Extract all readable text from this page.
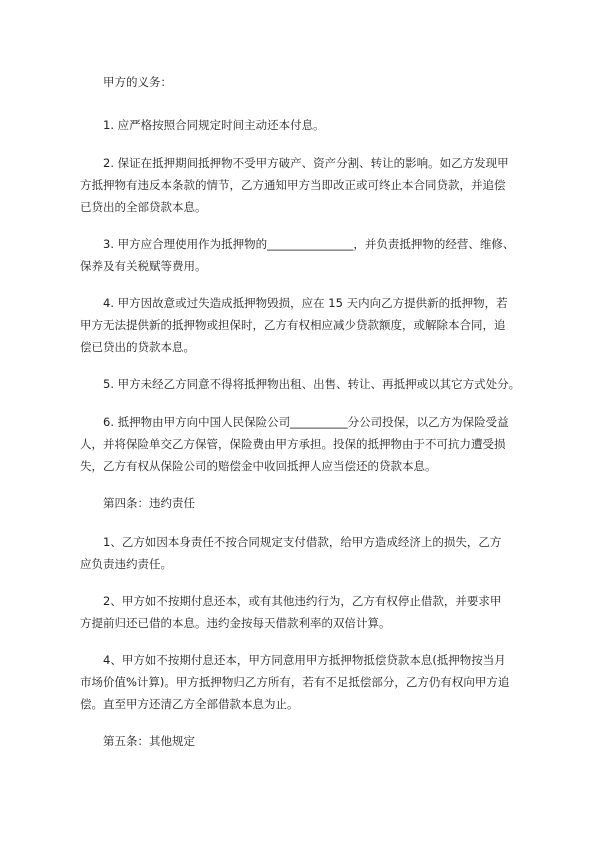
甲方的义务：

1. 应严格按照合同规定时间主动还本付息。

2. 保证在抵押期间抵押物不受甲方破产、资产分割、转让的影响。如乙方发现甲
方抵押物有违反本条款的情节，乙方通知甲方当即改正或可终止本合同贷款，并追偿
已贷出的全部贷款本息。

3. 甲方应合理使用作为抵押物的_______________，并负责抵押物的经营、维修、
保养及有关税赋等费用。

4. 甲方因故意或过失造成抵押物毁损，应在 15 天内向乙方提供新的抵押物，若
甲方无法提供新的抵押物或担保时，乙方有权相应减少贷款额度，或解除本合同，追
偿已贷出的贷款本息。

5. 甲方未经乙方同意不得将抵押物出租、出售、转让、再抵押或以其它方式处分。

6. 抵押物由甲方向中国人民保险公司__________分公司投保，以乙方为保险受益
人，并将保险单交乙方保管，保险费由甲方承担。投保的抵押物由于不可抗力遭受损
失，乙方有权从保险公司的赔偿金中收回抵押人应当偿还的贷款本息。

第四条：违约责任

1、乙方如因本身责任不按合同规定支付借款，给甲方造成经济上的损失，乙方
应负责违约责任。

2、甲方如不按期付息还本，或有其他违约行为，乙方有权停止借款，并要求甲
方提前归还已借的本息。违约金按每天借款利率的双倍计算。

4、甲方如不按期付息还本，甲方同意用甲方抵押物抵偿贷款本息(抵押物按当月
市场价值%计算)。甲方抵押物归乙方所有，若有不足抵偿部分，乙方仍有权向甲方追
偿。直至甲方还清乙方全部借款本息为止。

第五条：其他规定
